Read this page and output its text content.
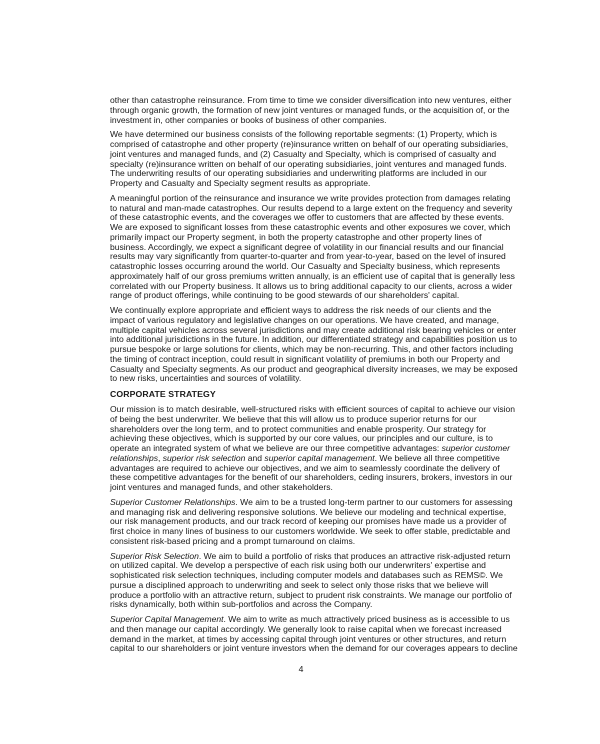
other than catastrophe reinsurance. From time to time we consider diversification into new ventures, either
through organic growth, the formation of new joint ventures or managed funds, or the acquisition of, or the
investment in, other companies or books of business of other companies.

We have determined our business consists of the following reportable segments: (1) Property, which is
comprised of catastrophe and other property (re)insurance written on behalf of our operating subsidiaries,
joint ventures and managed funds, and (2) Casualty and Specialty, which is comprised of casualty and
specialty (re)insurance written on behalf of our operating subsidiaries, joint ventures and managed funds.
The underwriting results of our operating subsidiaries and underwriting platforms are included in our
Property and Casualty and Specialty segment results as appropriate.

A meaningful portion of the reinsurance and insurance we write provides protection from damages relating
to natural and man-made catastrophes. Our results depend to a large extent on the frequency and severity
of these catastrophic events, and the coverages we offer to customers that are affected by these events.
We are exposed to significant losses from these catastrophic events and other exposures we cover, which
primarily impact our Property segment, in both the property catastrophe and other property lines of
business. Accordingly, we expect a significant degree of volatility in our financial results and our financial
results may vary significantly from quarter-to-quarter and from year-to-year, based on the level of insured
catastrophic losses occurring around the world. Our Casualty and Specialty business, which represents
approximately half of our gross premiums written annually, is an efficient use of capital that is generally less
correlated with our Property business. It allows us to bring additional capacity to our clients, across a wider
range of product offerings, while continuing to be good stewards of our shareholders' capital.

We continually explore appropriate and efficient ways to address the risk needs of our clients and the
impact of various regulatory and legislative changes on our operations. We have created, and manage,
multiple capital vehicles across several jurisdictions and may create additional risk bearing vehicles or enter
into additional jurisdictions in the future. In addition, our differentiated strategy and capabilities position us to
pursue bespoke or large solutions for clients, which may be non-recurring. This, and other factors including
the timing of contract inception, could result in significant volatility of premiums in both our Property and
Casualty and Specialty segments. As our product and geographical diversity increases, we may be exposed
to new risks, uncertainties and sources of volatility.

CORPORATE STRATEGY

Our mission is to match desirable, well-structured risks with efficient sources of capital to achieve our vision
of being the best underwriter. We believe that this will allow us to produce superior returns for our
shareholders over the long term, and to protect communities and enable prosperity. Our strategy for
achieving these objectives, which is supported by our core values, our principles and our culture, is to
operate an integrated system of what we believe are our three competitive advantages: superior customer
relationships, superior risk selection and superior capital management. We believe all three competitive
advantages are required to achieve our objectives, and we aim to seamlessly coordinate the delivery of
these competitive advantages for the benefit of our shareholders, ceding insurers, brokers, investors in our
joint ventures and managed funds, and other stakeholders.

Superior Customer Relationships. We aim to be a trusted long-term partner to our customers for assessing
and managing risk and delivering responsive solutions. We believe our modeling and technical expertise,
our risk management products, and our track record of keeping our promises have made us a provider of
first choice in many lines of business to our customers worldwide. We seek to offer stable, predictable and
consistent risk-based pricing and a prompt turnaround on claims.

Superior Risk Selection. We aim to build a portfolio of risks that produces an attractive risk-adjusted return
on utilized capital. We develop a perspective of each risk using both our underwriters' expertise and
sophisticated risk selection techniques, including computer models and databases such as REMS©. We
pursue a disciplined approach to underwriting and seek to select only those risks that we believe will
produce a portfolio with an attractive return, subject to prudent risk constraints. We manage our portfolio of
risks dynamically, both within sub-portfolios and across the Company.

Superior Capital Management. We aim to write as much attractively priced business as is accessible to us
and then manage our capital accordingly. We generally look to raise capital when we forecast increased
demand in the market, at times by accessing capital through joint ventures or other structures, and return
capital to our shareholders or joint venture investors when the demand for our coverages appears to decline

4
